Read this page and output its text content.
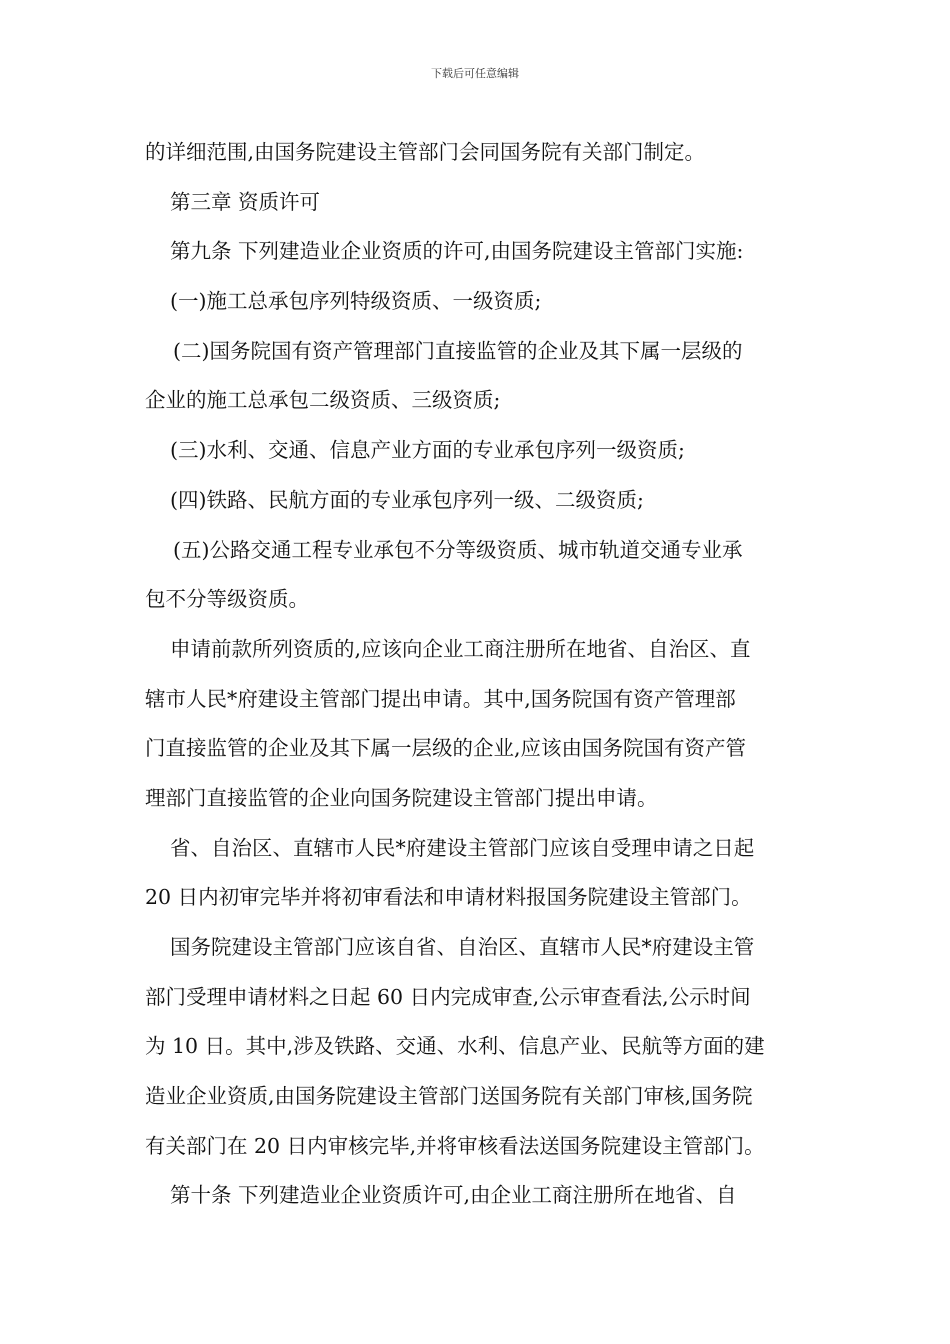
下载后可任意编辑
的详细范围,由国务院建设主管部门会同国务院有关部门制定。
第三章 资质许可
第九条 下列建造业企业资质的许可,由国务院建设主管部门实施:
(一)施工总承包序列特级资质、一级资质;
(二)国务院国有资产管理部门直接监管的企业及其下属一层级的
企业的施工总承包二级资质、三级资质;
(三)水利、交通、信息产业方面的专业承包序列一级资质;
(四)铁路、民航方面的专业承包序列一级、二级资质;
(五)公路交通工程专业承包不分等级资质、城市轨道交通专业承
包不分等级资质。
申请前款所列资质的,应该向企业工商注册所在地省、自治区、直
辖市人民*府建设主管部门提出申请。其中,国务院国有资产管理部
门直接监管的企业及其下属一层级的企业,应该由国务院国有资产管
理部门直接监管的企业向国务院建设主管部门提出申请。
省、自治区、直辖市人民*府建设主管部门应该自受理申请之日起
20 日内初审完毕并将初审看法和申请材料报国务院建设主管部门。
国务院建设主管部门应该自省、自治区、直辖市人民*府建设主管
部门受理申请材料之日起 60 日内完成审查,公示审查看法,公示时间
为 10 日。其中,涉及铁路、交通、水利、信息产业、民航等方面的建
造业企业资质,由国务院建设主管部门送国务院有关部门审核,国务院
有关部门在 20 日内审核完毕,并将审核看法送国务院建设主管部门。
第十条 下列建造业企业资质许可,由企业工商注册所在地省、自
